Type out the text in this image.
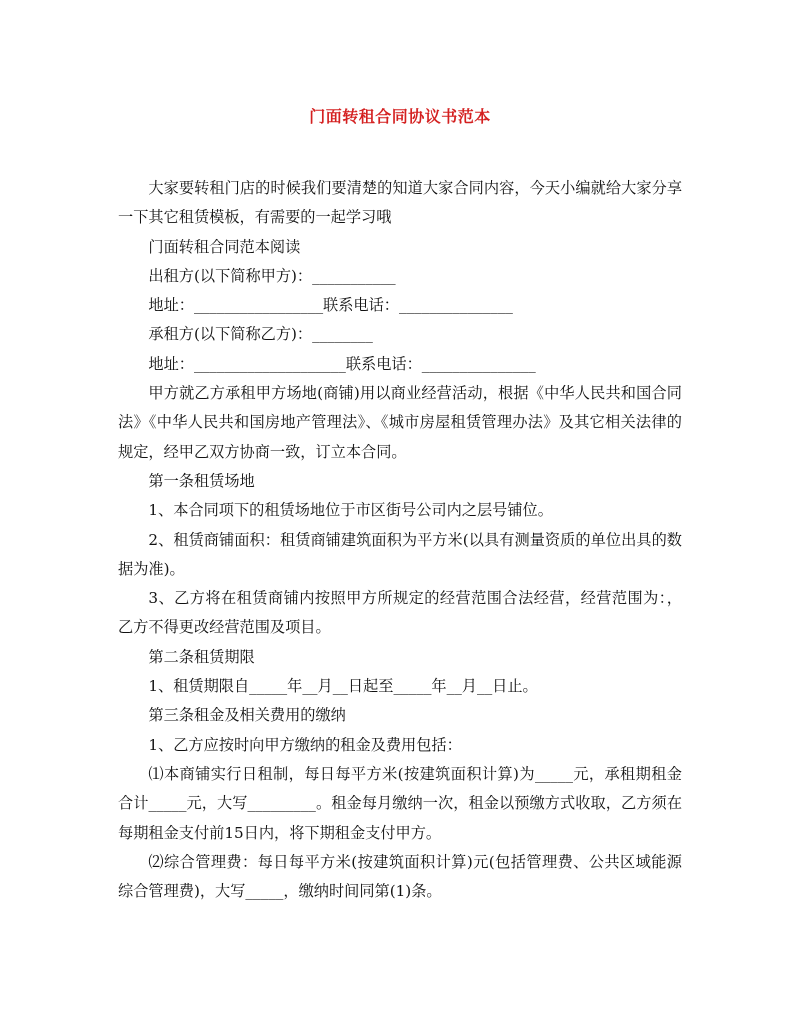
门面转租合同协议书范本

大家要转租门店的时候我们要清楚的知道大家合同内容，今天小编就给大家分享一下其它租赁模板，有需要的一起学习哦

门面转租合同范本阅读

出租方(以下简称甲方)：___________

地址：_________________联系电话：_______________

承租方(以下简称乙方)：________

地址：____________________联系电话：_______________

甲方就乙方承租甲方场地(商铺)用以商业经营活动，根据《中华人民共和国合同法》《中华人民共和国房地产管理法》、《城市房屋租赁管理办法》及其它相关法律的规定，经甲乙双方协商一致，订立本合同。

第一条租赁场地

1、本合同项下的租赁场地位于市区街号公司内之层号铺位。

2、租赁商铺面积：租赁商铺建筑面积为平方米(以具有测量资质的单位出具的数据为准)。

3、乙方将在租赁商铺内按照甲方所规定的经营范围合法经营，经营范围为：，乙方不得更改经营范围及项目。

第二条租赁期限

1、租赁期限自_____年__月__日起至_____年__月__日止。

第三条租金及相关费用的缴纳

1、乙方应按时向甲方缴纳的租金及费用包括：

⑴本商铺实行日租制，每日每平方米(按建筑面积计算)为_____元，承租期租金合计_____元，大写_________。租金每月缴纳一次，租金以预缴方式收取，乙方须在每期租金支付前15日内，将下期租金支付甲方。

⑵综合管理费：每日每平方米(按建筑面积计算)元(包括管理费、公共区域能源综合管理费)，大写_____，缴纳时间同第(1)条。
